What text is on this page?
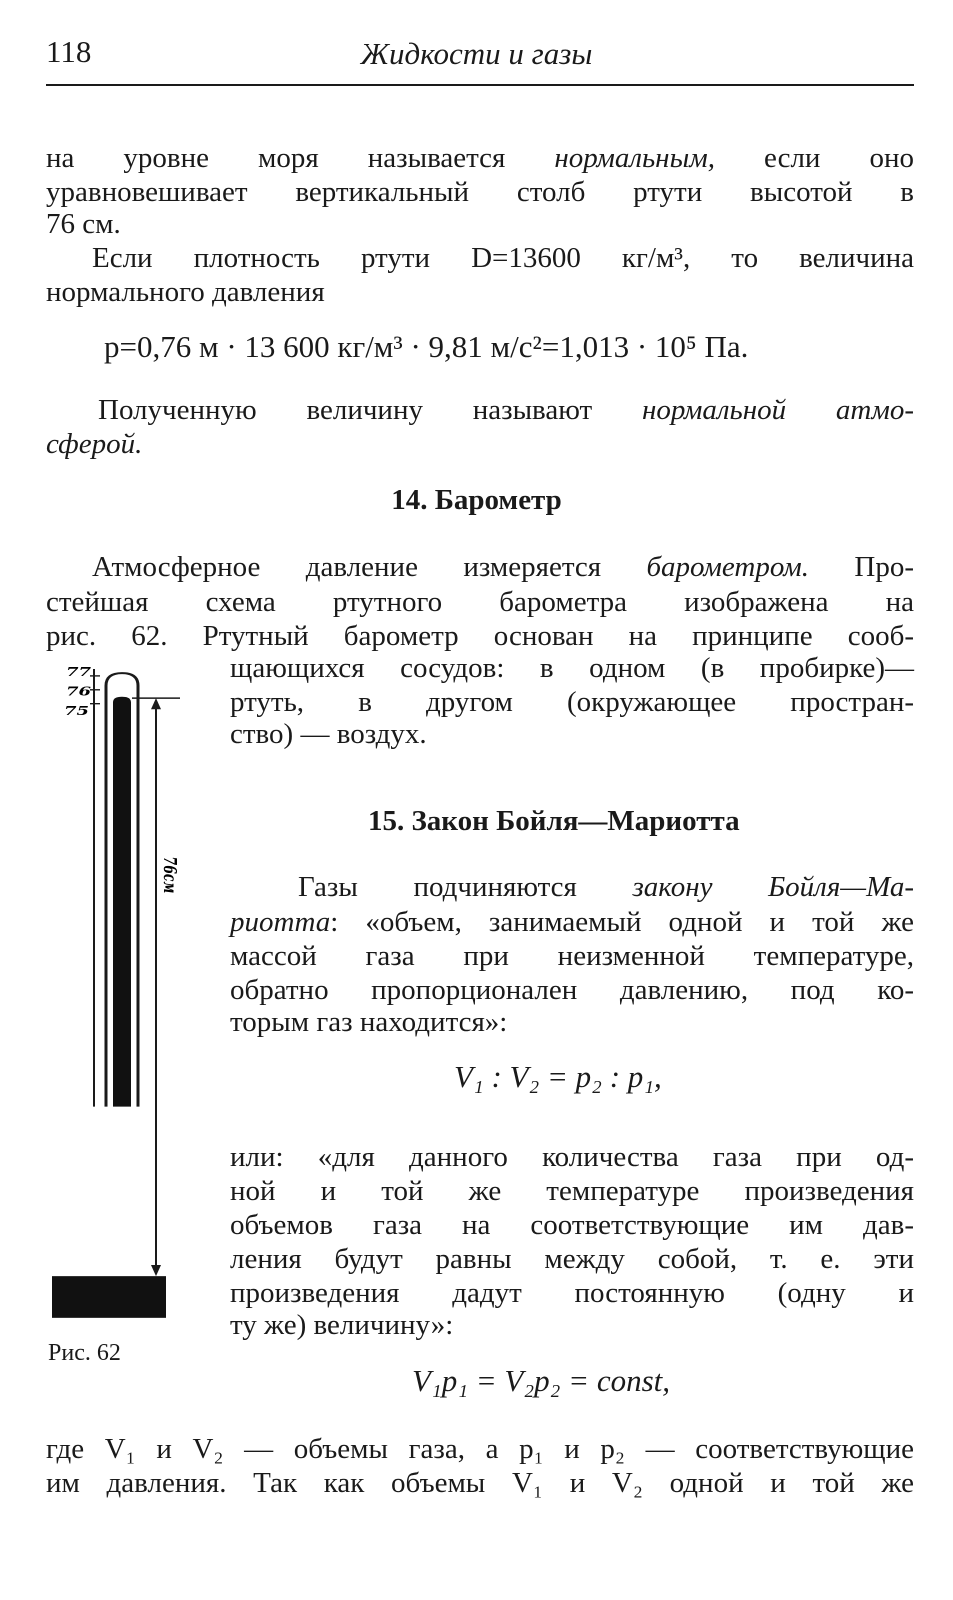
118	Жидкости и газы
на уровне моря называется нормальным, если оно
уравновешивает вертикальный столб ртути высотой в
76 см.
Если плотность ртути D=13600 кг/м³, то величина
нормального давления
p=0,76 м · 13 600 кг/м³ · 9,81 м/с²=1,013 · 10⁵ Па.
Полученную величину называют нормальной атмо-
сферой.
14. Барометр
Атмосферное давление измеряется барометром. Про-
стейшая схема ртутного барометра изображена на
рис. 62. Ртутный барометр основан на принципе сооб-
щающихся сосудов: в одном (в пробирке)—
ртуть, в другом (окружающее простран-
ство) — воздух.
15. Закон Бойля—Мариотта
Газы подчиняются закону Бойля—Ма-
риотта: «объем, занимаемый одной и той же
массой газа при неизменной температуре,
обратно пропорционален давлению, под ко-
торым газ находится»:
V₁ : V₂ = p₂ : p₁,
или: «для данного количества газа при од-
ной и той же температуре произведения
объемов газа на соответствующие им дав-
ления будут равны между собой, т. е. эти
произведения дадут постоянную (одну и
ту же) величину»:
V₁p₁ = V₂p₂ = const,
где V₁ и V₂ — объемы газа, а p₁ и p₂ — соответствующие
им давления. Так как объемы V₁ и V₂ одной и той же
77
76
75
76см
Рис. 62
